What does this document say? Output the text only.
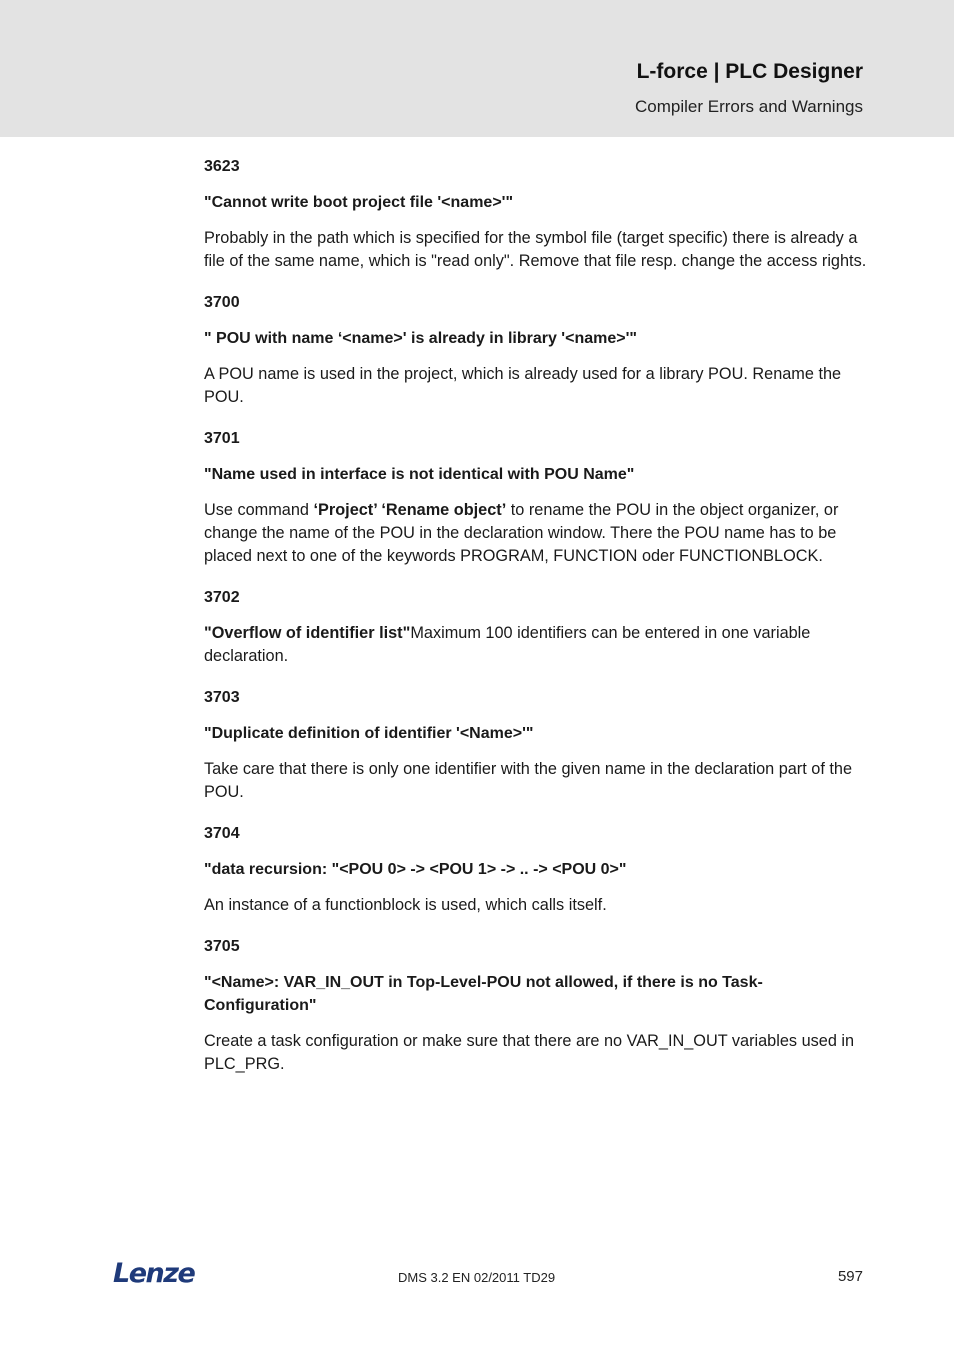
L-force | PLC Designer
Compiler Errors and Warnings
3623
"Cannot write boot project file '<name>'"
Probably in the path which is specified for the symbol file (target specific) there is already a file of the same name, which is "read only". Remove that file resp. change the access rights.
3700
" POU with name ‘<name>' is already in library '<name>'"
A POU name is used in the project, which is already used for a library POU. Rename the POU.
3701
"Name used in interface is not identical with POU Name"
Use command ‘Project’ ‘Rename object’ to rename the POU in the object organizer, or change the name of the POU in the declaration window. There the POU name has to be placed next to one of the keywords PROGRAM, FUNCTION oder FUNCTIONBLOCK.
3702
"Overflow of identifier list"Maximum 100 identifiers can be entered in one variable declaration.
3703
"Duplicate definition of identifier '<Name>'"
Take care that there is only one identifier with the given name in the declaration part of the POU.
3704
"data recursion: "<POU 0> -> <POU 1> -> .. -> <POU 0>"
An instance of a functionblock is used, which calls itself.
3705
"<Name>: VAR_IN_OUT in Top-Level-POU not allowed, if there is no Task-Configuration"
Create a task configuration or make sure that there are no VAR_IN_OUT variables used in PLC_PRG.
Lenze	DMS 3.2 EN 02/2011 TD29	597
